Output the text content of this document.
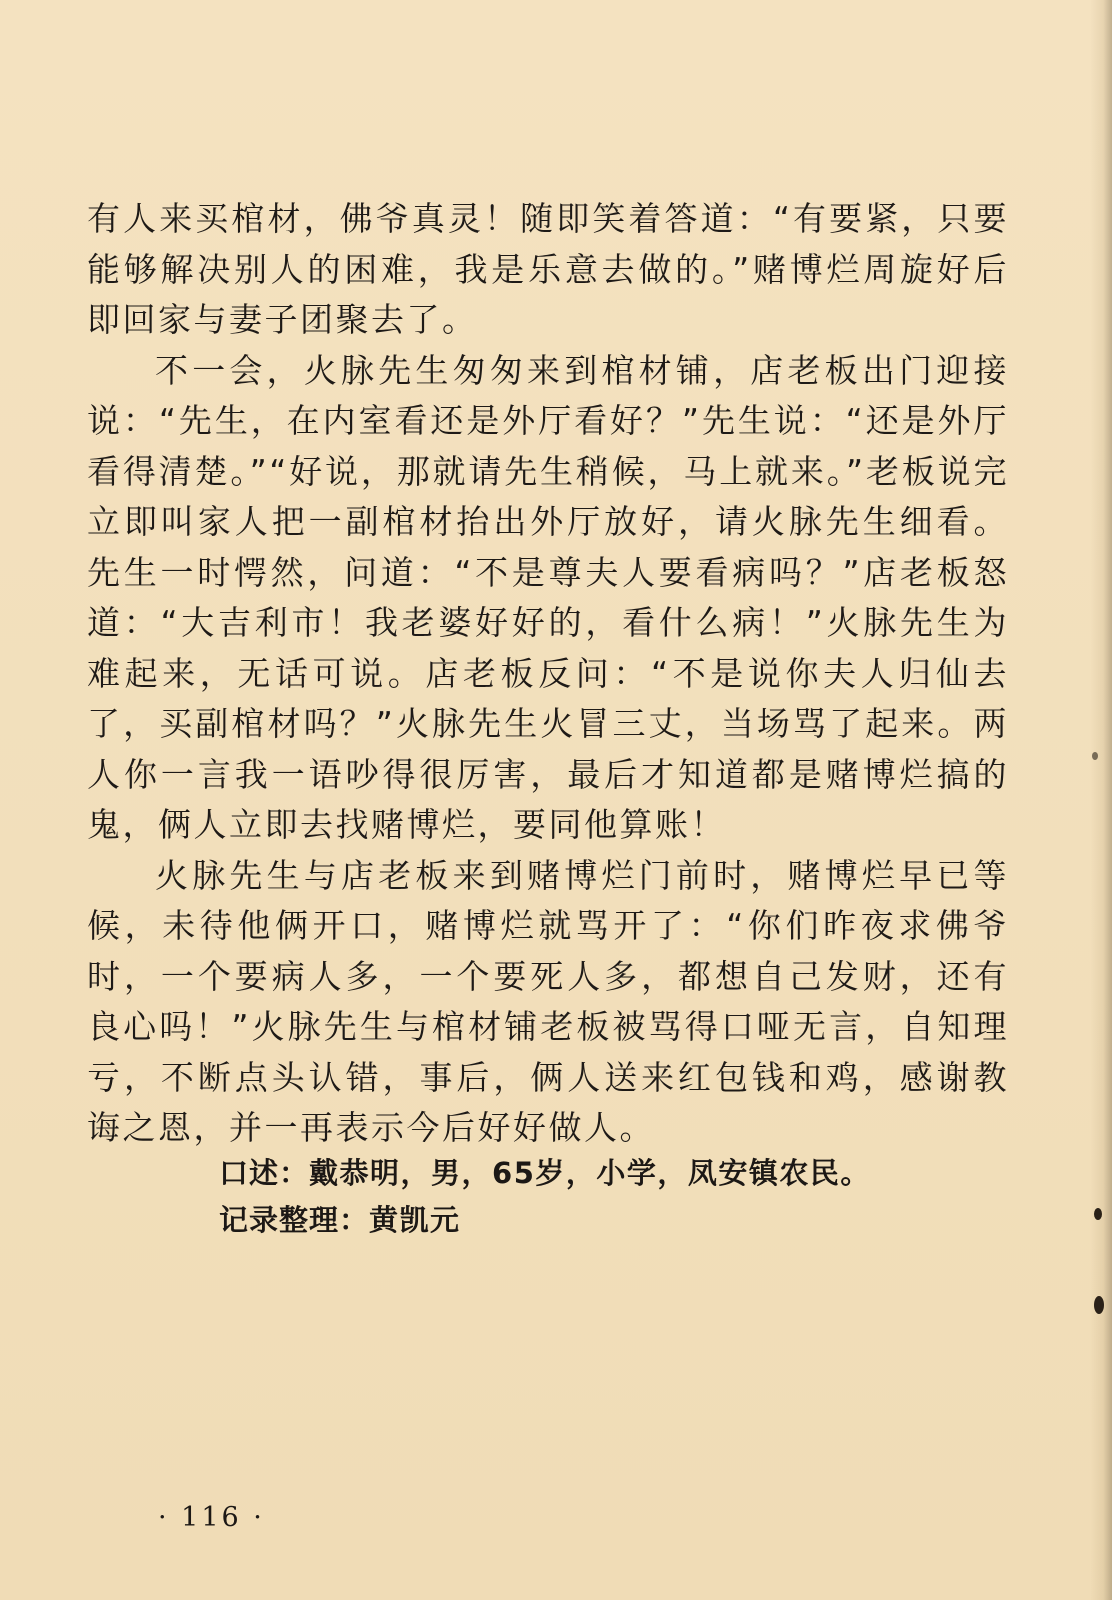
有人来买棺材，佛爷真灵！随即笑着答道：“有要紧，只要能够解决别人的困难，我是乐意去做的。”赌博烂周旋好后即回家与妻子团聚去了。

不一会，火脉先生匆匆来到棺材铺，店老板出门迎接说：“先生，在内室看还是外厅看好？”先生说：“还是外厅看得清楚。”“好说，那就请先生稍候，马上就来。”老板说完立即叫家人把一副棺材抬出外厅放好，请火脉先生细看。先生一时愕然，问道：“不是尊夫人要看病吗？”店老板怒道：“大吉利市！我老婆好好的，看什么病！”火脉先生为难起来，无话可说。店老板反问：“不是说你夫人归仙去了，买副棺材吗？”火脉先生火冒三丈，当场骂了起来。两人你一言我一语吵得很厉害，最后才知道都是赌博烂搞的鬼，俩人立即去找赌博烂，要同他算账！

火脉先生与店老板来到赌博烂门前时，赌博烂早已等候，未待他俩开口，赌博烂就骂开了：“你们昨夜求佛爷时，一个要病人多，一个要死人多，都想自己发财，还有良心吗！”火脉先生与棺材铺老板被骂得口哑无言，自知理亏，不断点头认错，事后，俩人送来红包钱和鸡，感谢教诲之恩，并一再表示今后好好做人。

口述：戴恭明，男，65岁，小学，凤安镇农民。
记录整理：黄凯元
· 116 ·
